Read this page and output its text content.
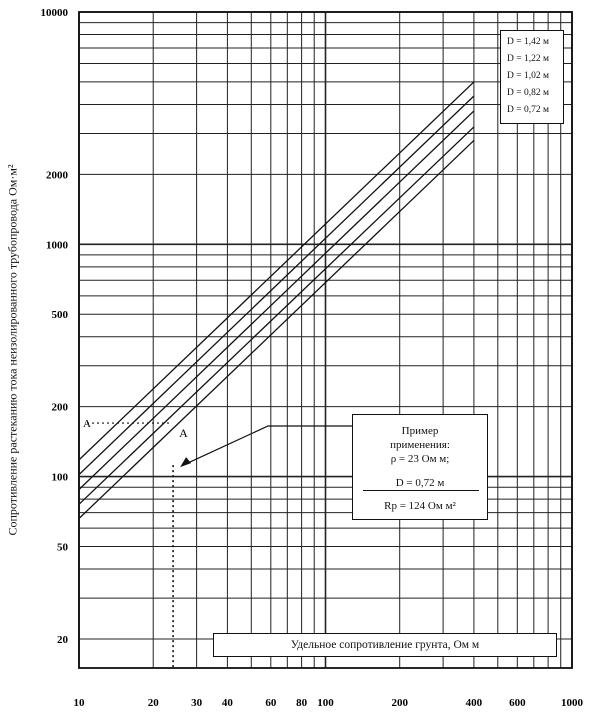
A
A
10	20	30 40	60 80 100	200	400 600	1000
10000
2000
1000
500
200
100
50
20
Сопротивление растеканию тока неизолированного трубопровода Ом·м²
D = 1,42 м
D = 1,22 м
D = 1,02 м
D = 0,82 м
D = 0,72 м
Пример
применения:
ρ = 23 Ом м;
D = 0,72 м
Rр = 124 Ом м²
Удельное сопротивление грунта, Ом м
